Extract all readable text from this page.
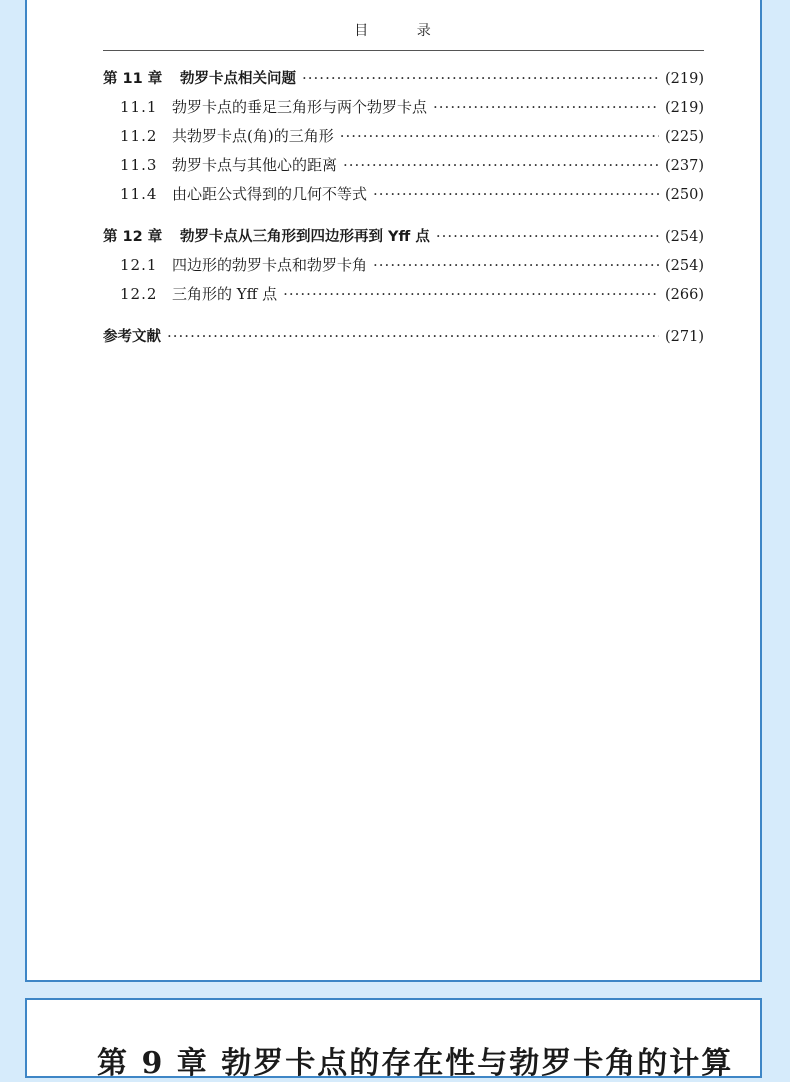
目 录
第 11 章	勃罗卡点相关问题 ·····	(219)
11.1 勃罗卡点的垂足三角形与两个勃罗卡点 ·····	(219)
11.2 共勃罗卡点(角)的三角形 ·····	(225)
11.3 勃罗卡点与其他心的距离 ·····	(237)
11.4 由心距公式得到的几何不等式 ·····	(250)
第 12 章	勃罗卡点从三角形到四边形再到 Yff 点 ·····	(254)
12.1 四边形的勃罗卡点和勃罗卡角 ·····	(254)
12.2 三角形的 Yff 点 ·····	(266)
参考文献 ·····	(271)
第 9 章 勃罗卡点的存在性与勃罗卡角的计算
